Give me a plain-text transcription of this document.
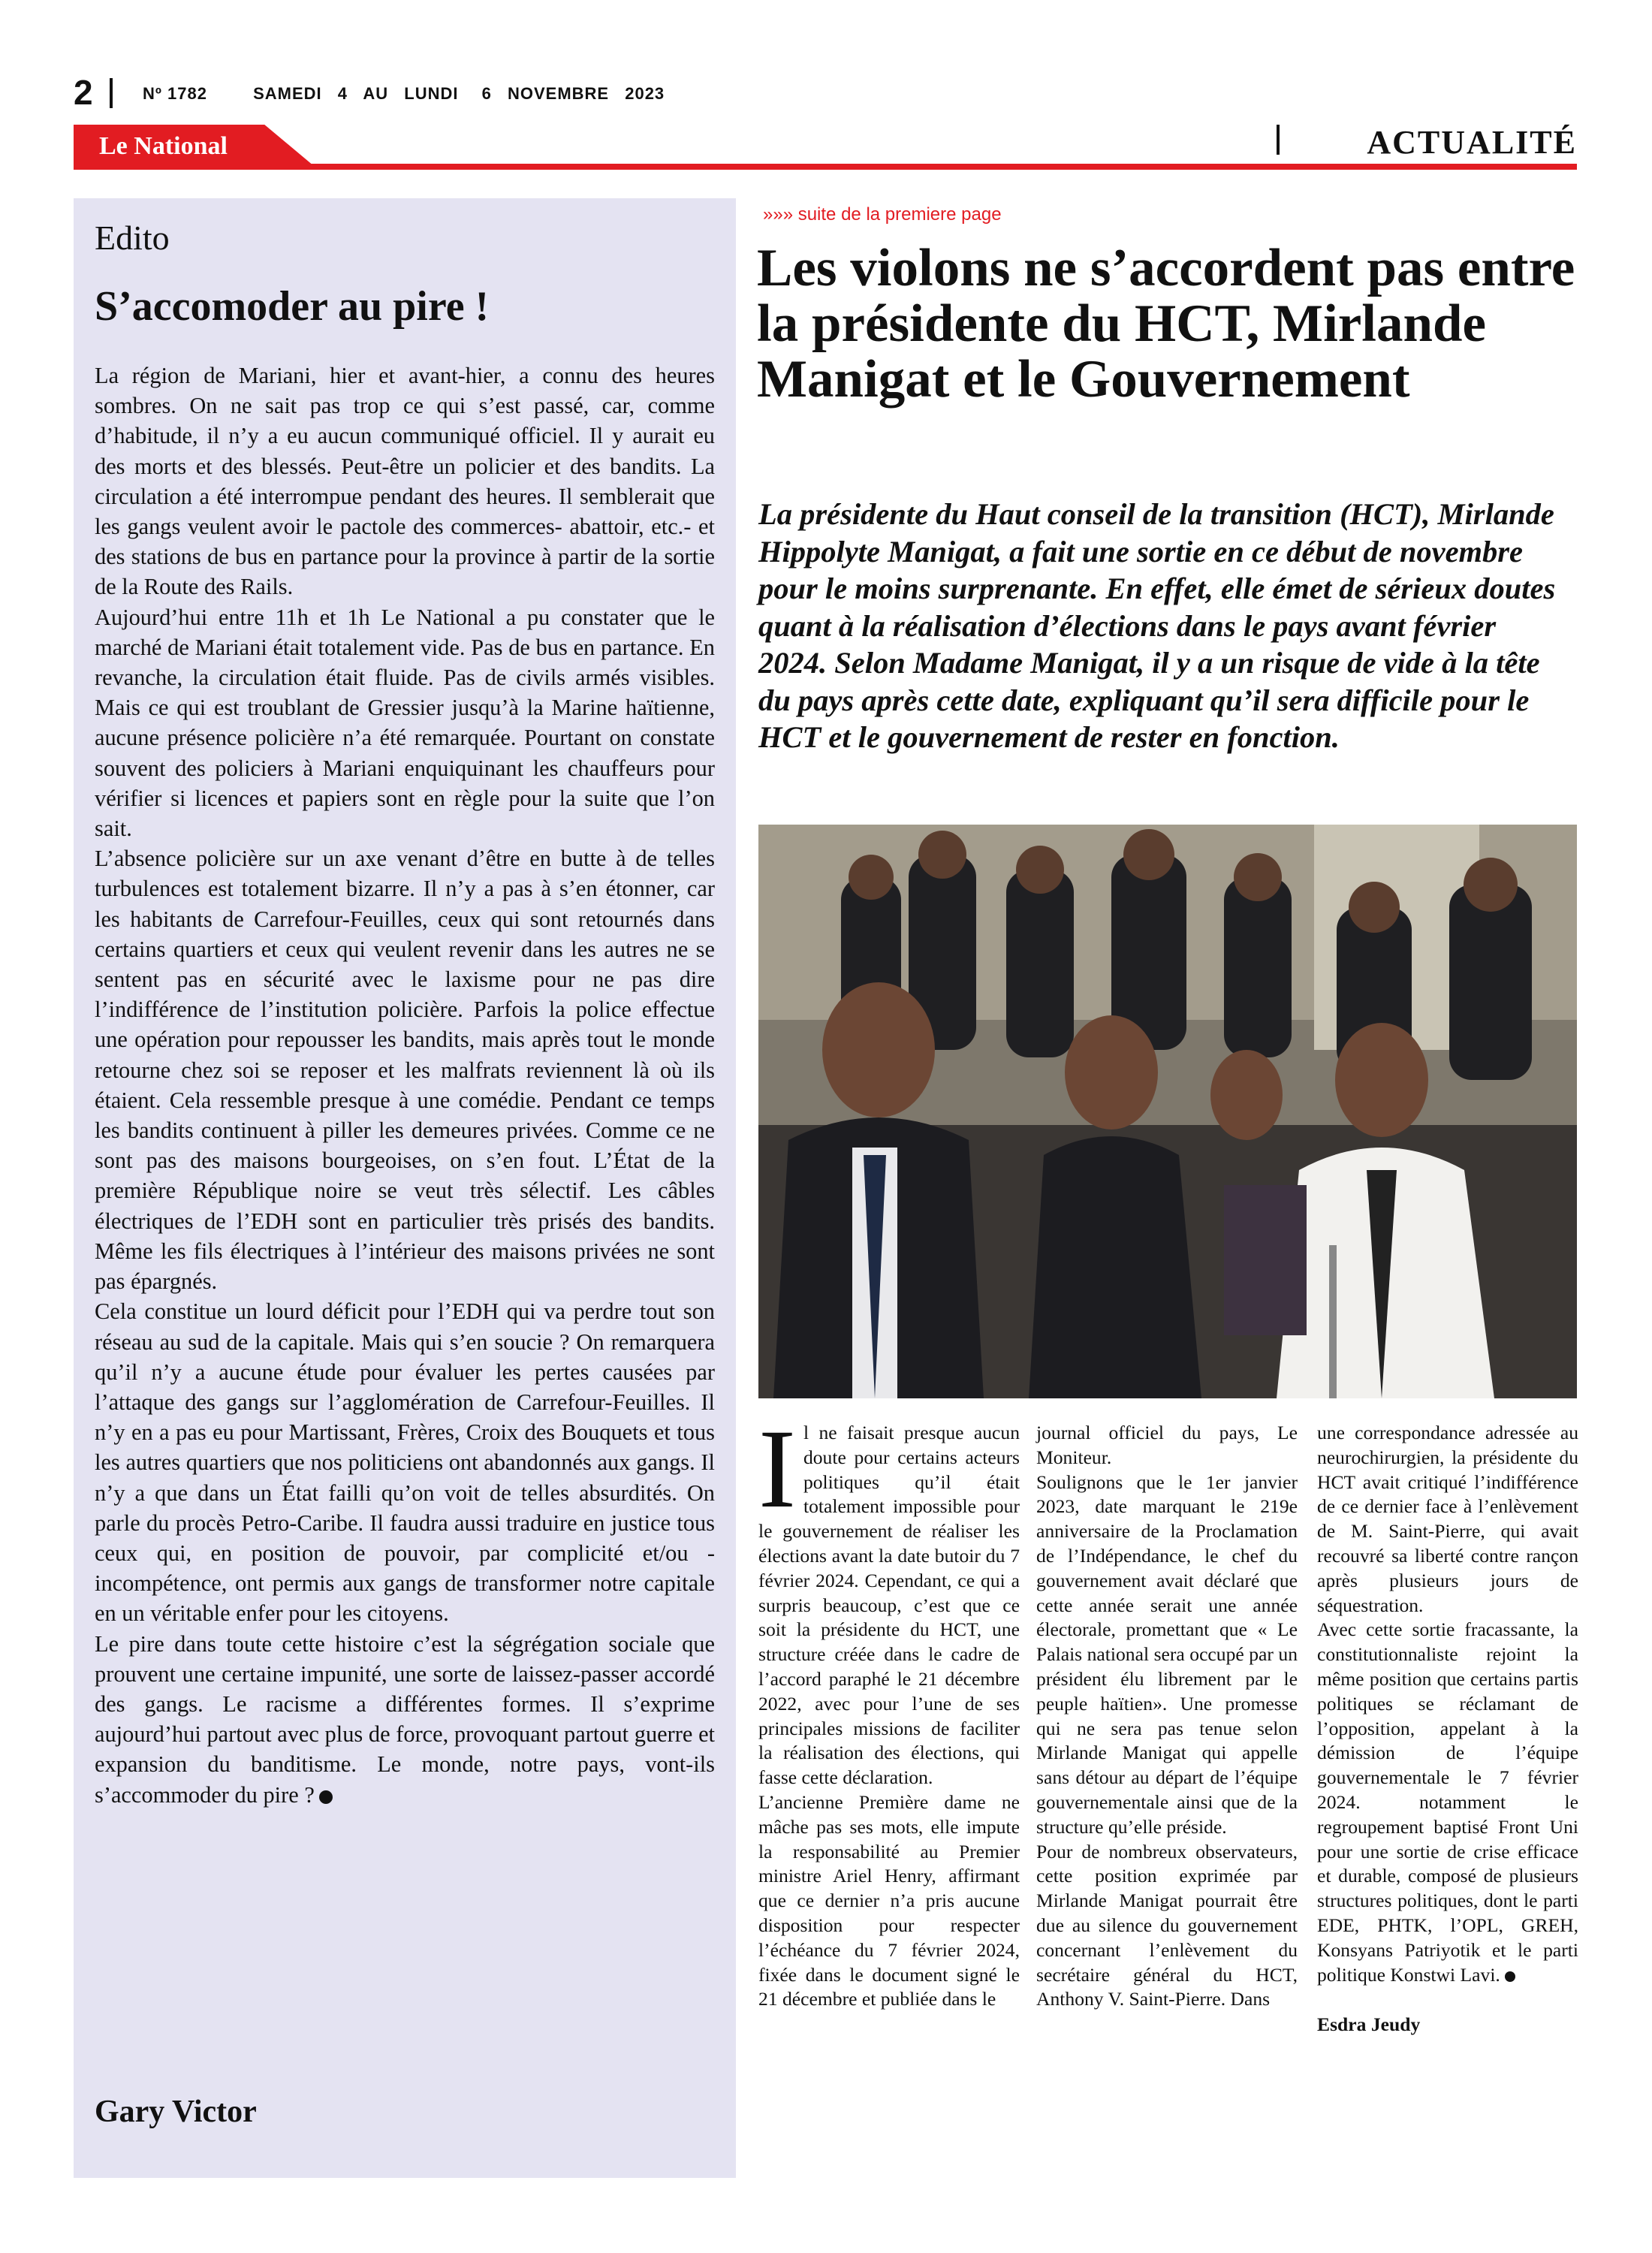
2	Nº 1782	SAMEDI 4 AU LUNDI 6 NOVEMBRE 2023
Le National	ACTUALITÉ
Edito
S’accomoder au pire !

La région de Mariani, hier et avant-hier, a connu des heures sombres. On ne sait pas trop ce qui s’est passé, car, comme d’habitude, il n’y a eu aucun communiqué officiel. Il y aurait eu des morts et des blessés. Peut-être un policier et des bandits. La circulation a été interrompue pendant des heures. Il semblerait que les gangs veulent avoir le pactole des commerces- abattoir, etc.- et des stations de bus en partance pour la province à partir de la sortie de la Route des Rails.

Aujourd’hui entre 11h et 1h Le National a pu constater que le marché de Mariani était totalement vide. Pas de bus en partance. En revanche, la circulation était fluide. Pas de civils armés visibles. Mais ce qui est troublant de Gressier jusqu’à la Marine haïtienne, aucune présence policière n’a été remarquée. Pourtant on constate souvent des policiers à Mariani enquiquinant les chauffeurs pour vérifier si licences et papiers sont en règle pour la suite que l’on sait.

L’absence policière sur un axe venant d’être en butte à de telles turbulences est totalement bizarre. Il n’y a pas à s’en étonner, car les habitants de Carrefour-Feuilles, ceux qui sont retournés dans certains quartiers et ceux qui veulent revenir dans les autres ne se sentent pas en sécurité avec le laxisme pour ne pas dire l’indifférence de l’institution policière. Parfois la police effectue une opération pour repousser les bandits, mais après tout le monde retourne chez soi se reposer et les malfrats reviennent là où ils étaient. Cela ressemble presque à une comédie. Pendant ce temps les bandits continuent à piller les demeures privées. Comme ce ne sont pas des maisons bourgeoises, on s’en fout. L’État de la première République noire se veut très sélectif. Les câbles électriques de l’EDH sont en particulier très prisés des bandits. Même les fils électriques à l’intérieur des maisons privées ne sont pas épargnés.

Cela constitue un lourd déficit pour l’EDH qui va perdre tout son réseau au sud de la capitale. Mais qui s’en soucie ? On remarquera qu’il n’y a aucune étude pour évaluer les pertes causées par l’attaque des gangs sur l’agglomération de Carrefour-Feuilles. Il n’y en a pas eu pour Martissant, Frères, Croix des Bouquets et tous les autres quartiers que nos politiciens ont abandonnés aux gangs. Il n’y a que dans un État failli qu’on voit de telles absurdités. On parle du procès Petro-Caribe. Il faudra aussi traduire en justice tous ceux qui, en position de pouvoir, par complicité et/ou - incompétence, ont permis aux gangs de transformer notre capitale en un véritable enfer pour les citoyens.

Le pire dans toute cette histoire c’est la ségrégation sociale que prouvent une certaine impunité, une sorte de laissez-passer accordé des gangs. Le racisme a différentes formes. Il s’exprime aujourd’hui partout avec plus de force, provoquant partout guerre et expansion du banditisme. Le monde, notre pays, vont-ils s’accommoder du pire ?

Gary Victor
»»» suite de la premiere page
Les violons ne s’accordent pas entre la présidente du HCT, Mirlande Manigat et le Gouvernement

La présidente du Haut conseil de la transition (HCT), Mirlande Hippolyte Manigat, a fait une sortie en ce début de novembre pour le moins surprenante. En effet, elle émet de sérieux doutes quant à la réalisation d’élections dans le pays avant février 2024. Selon Madame Manigat, il y a un risque de vide à la tête du pays après cette date, expliquant qu’il sera difficile pour le HCT et le gouvernement de rester en fonction.

Il ne faisait presque aucun doute pour certains acteurs politiques qu’il était totalement impossible pour le gouvernement de réaliser les élections avant la date butoir du 7 février 2024. Cependant, ce qui a surpris beaucoup, c’est que ce soit la présidente du HCT, une structure créée dans le cadre de l’accord paraphé le 21 décembre 2022, avec pour l’une de ses principales missions de faciliter la réalisation des élections, qui fasse cette déclaration.

L’ancienne Première dame ne mâche pas ses mots, elle impute la responsabilité au Premier ministre Ariel Henry, affirmant que ce dernier n’a pris aucune disposition pour respecter l’échéance du 7 février 2024, fixée dans le document signé le 21 décembre et publiée dans le

journal officiel du pays, Le Moniteur.

Soulignons que le 1er janvier 2023, date marquant le 219e anniversaire de la Proclamation de l’Indépendance, le chef du gouvernement avait déclaré que cette année serait une année électorale, promettant que « Le Palais national sera occupé par un président élu librement par le peuple haïtien». Une promesse qui ne sera pas tenue selon Mirlande Manigat qui appelle sans détour au départ de l’équipe gouvernementale ainsi que de la structure qu’elle préside.

Pour de nombreux observateurs, cette position exprimée par Mirlande Manigat pourrait être due au silence du gouvernement concernant l’enlèvement du secrétaire général du HCT, Anthony V. Saint-Pierre. Dans

une correspondance adressée au neurochirurgien, la présidente du HCT avait critiqué l’indifférence de ce dernier face à l’enlèvement de M. Saint-Pierre, qui avait recouvré sa liberté contre rançon après plusieurs jours de séquestration.

Avec cette sortie fracassante, la constitutionnaliste rejoint la même position que certains partis politiques se réclamant de l’opposition, appelant à la démission de l’équipe gouvernementale le 7 février 2024. notamment le regroupement baptisé Front Uni pour une sortie de crise efficace et durable, composé de plusieurs structures politiques, dont le parti EDE, PHTK, l’OPL, GREH, Konsyans Patriyotik et le parti politique Konstwi Lavi.

Esdra Jeudy
